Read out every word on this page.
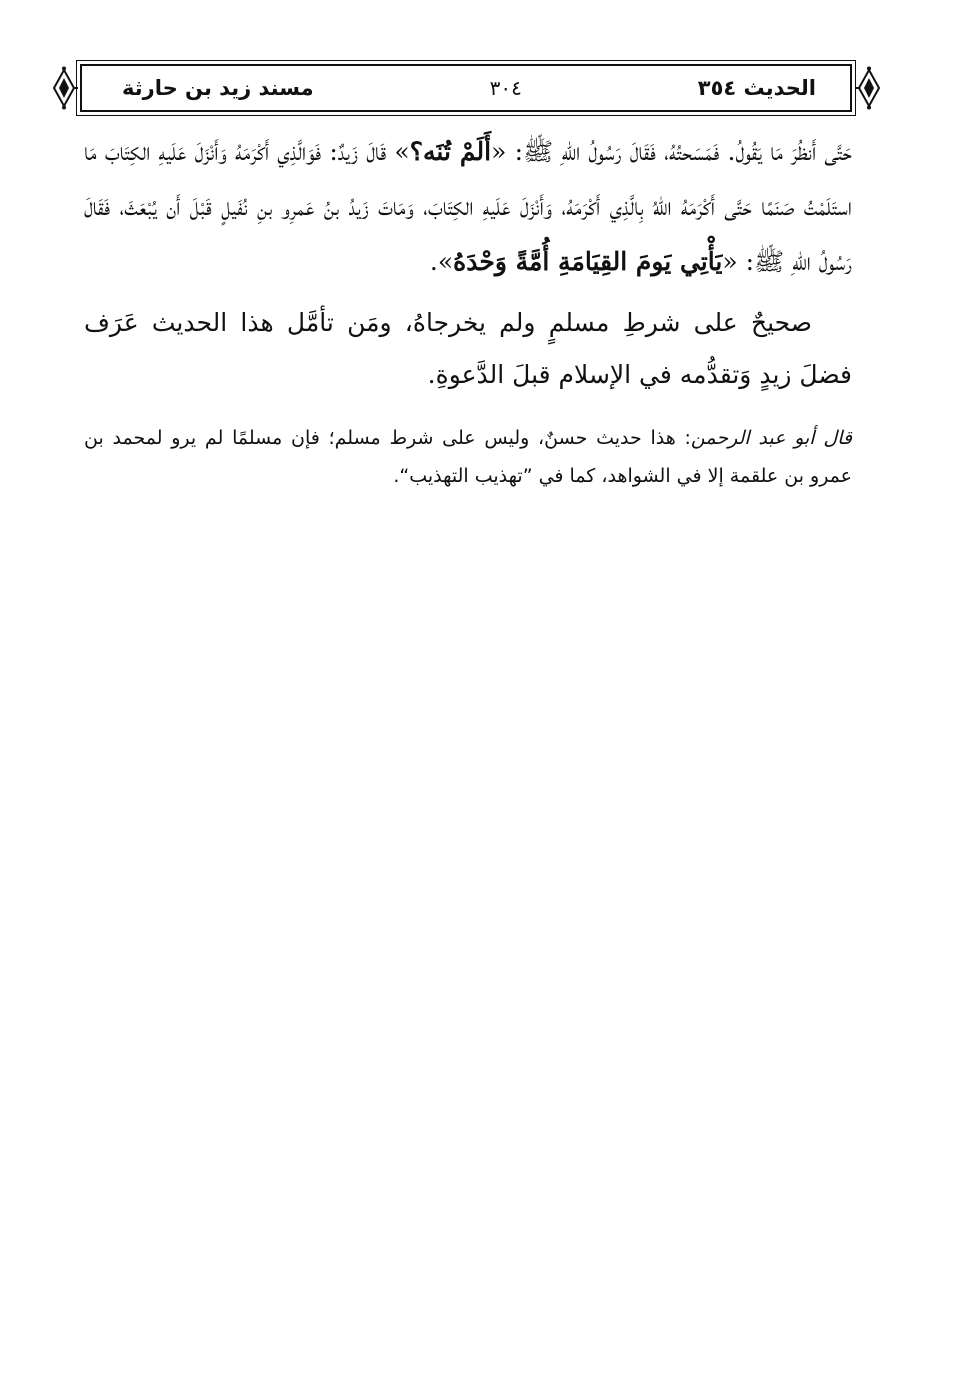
الحديث ٣٥٤
٣٠٤
مسند زيد بن حارثة

حَتَّى أَنظُرَ مَا يَقُولُ. فَمَسَحتُهُ، فَقَالَ رَسُولُ اللهِ ﷺ: «أَلَمْ تُنَه؟» قَالَ زَيدٌ: فَوَالَّذِي أَكْرَمَهُ وَأَنْزَلَ عَلَيهِ الكِتَابَ مَا استَلَمْتُ صَنَمًا حَتَّى أَكْرَمَهُ اللهُ بِالَّذِي أَكْرَمَهُ، وَأَنْزَلَ عَلَيهِ الكِتَابَ، وَمَاتَ زَيدُ بنُ عَمرِو بنِ نُفَيلٍ قَبْلَ أَن يُبْعَثَ، فَقَالَ رَسُولُ اللهِ ﷺ: «يَأْتِي يَومَ القِيَامَةِ أُمَّةً وَحْدَهُ».

صحيحٌ على شرطِ مسلمٍ ولم يخرجاهُ، ومَن تأمَّل هذا الحديث عَرَف فضلَ زيدٍ وَتقدُّمه في الإسلام قبلَ الدَّعوةِ.

قال أبو عبد الرحمن: هذا حديث حسنٌ، وليس على شرط مسلم؛ فإن مسلمًا لم يرو لمحمد بن عمرو بن علقمة إلا في الشواهد، كما في ”تهذيب التهذيب“.
